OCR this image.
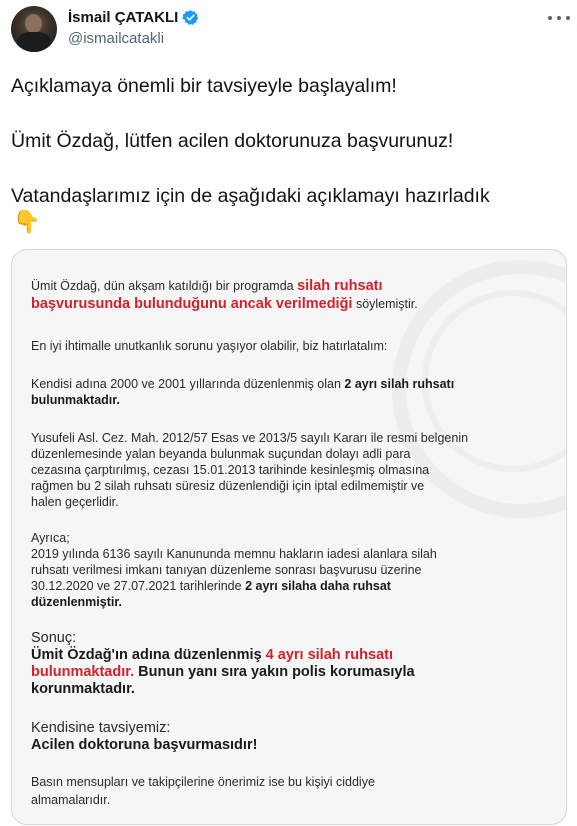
İsmail ÇATAKLI
@ismailcatakli

Açıklamaya önemli bir tavsiyeyle başlayalım!

Ümit Özdağ, lütfen acilen doktorunuza başvurunuz!

Vatandaşlarımız için de aşağıdaki açıklamayı hazırladık

👇
Ümit Özdağ, dün akşam katıldığı bir programda silah ruhsatı
başvurusunda bulunduğunu ancak verilmediği söylemiştir.
En iyi ihtimalle unutkanlık sorunu yaşıyor olabilir, biz hatırlatalım:
Kendisi adına 2000 ve 2001 yıllarında düzenlenmiş olan 2 ayrı silah ruhsatı
bulunmaktadır.
Yusufeli Asl. Cez. Mah. 2012/57 Esas ve 2013/5 sayılı Kararı ile resmi belgenin
düzenlemesinde yalan beyanda bulunmak suçundan dolayı adli para
cezasına çarptırılmış, cezası 15.01.2013 tarihinde kesinleşmiş olmasına
rağmen bu 2 silah ruhsatı süresiz düzenlendiği için iptal edilmemiştir ve
halen geçerlidir.
Ayrıca;
2019 yılında 6136 sayılı Kanununda memnu hakların iadesi alanlara silah
ruhsatı verilmesi imkanı tanıyan düzenleme sonrası başvurusu üzerine
30.12.2020 ve 27.07.2021 tarihlerinde 2 ayrı silaha daha ruhsat
düzenlenmiştir.
Sonuç:
Ümit Özdağ'ın adına düzenlenmiş 4 ayrı silah ruhsatı
bulunmaktadır. Bunun yanı sıra yakın polis korumasıyla
korunmaktadır.
Kendisine tavsiyemiz:
Acilen doktoruna başvurmasıdır!
Basın mensupları ve takipçilerine önerimiz ise bu kişiyi ciddiye
almamalarıdır.
